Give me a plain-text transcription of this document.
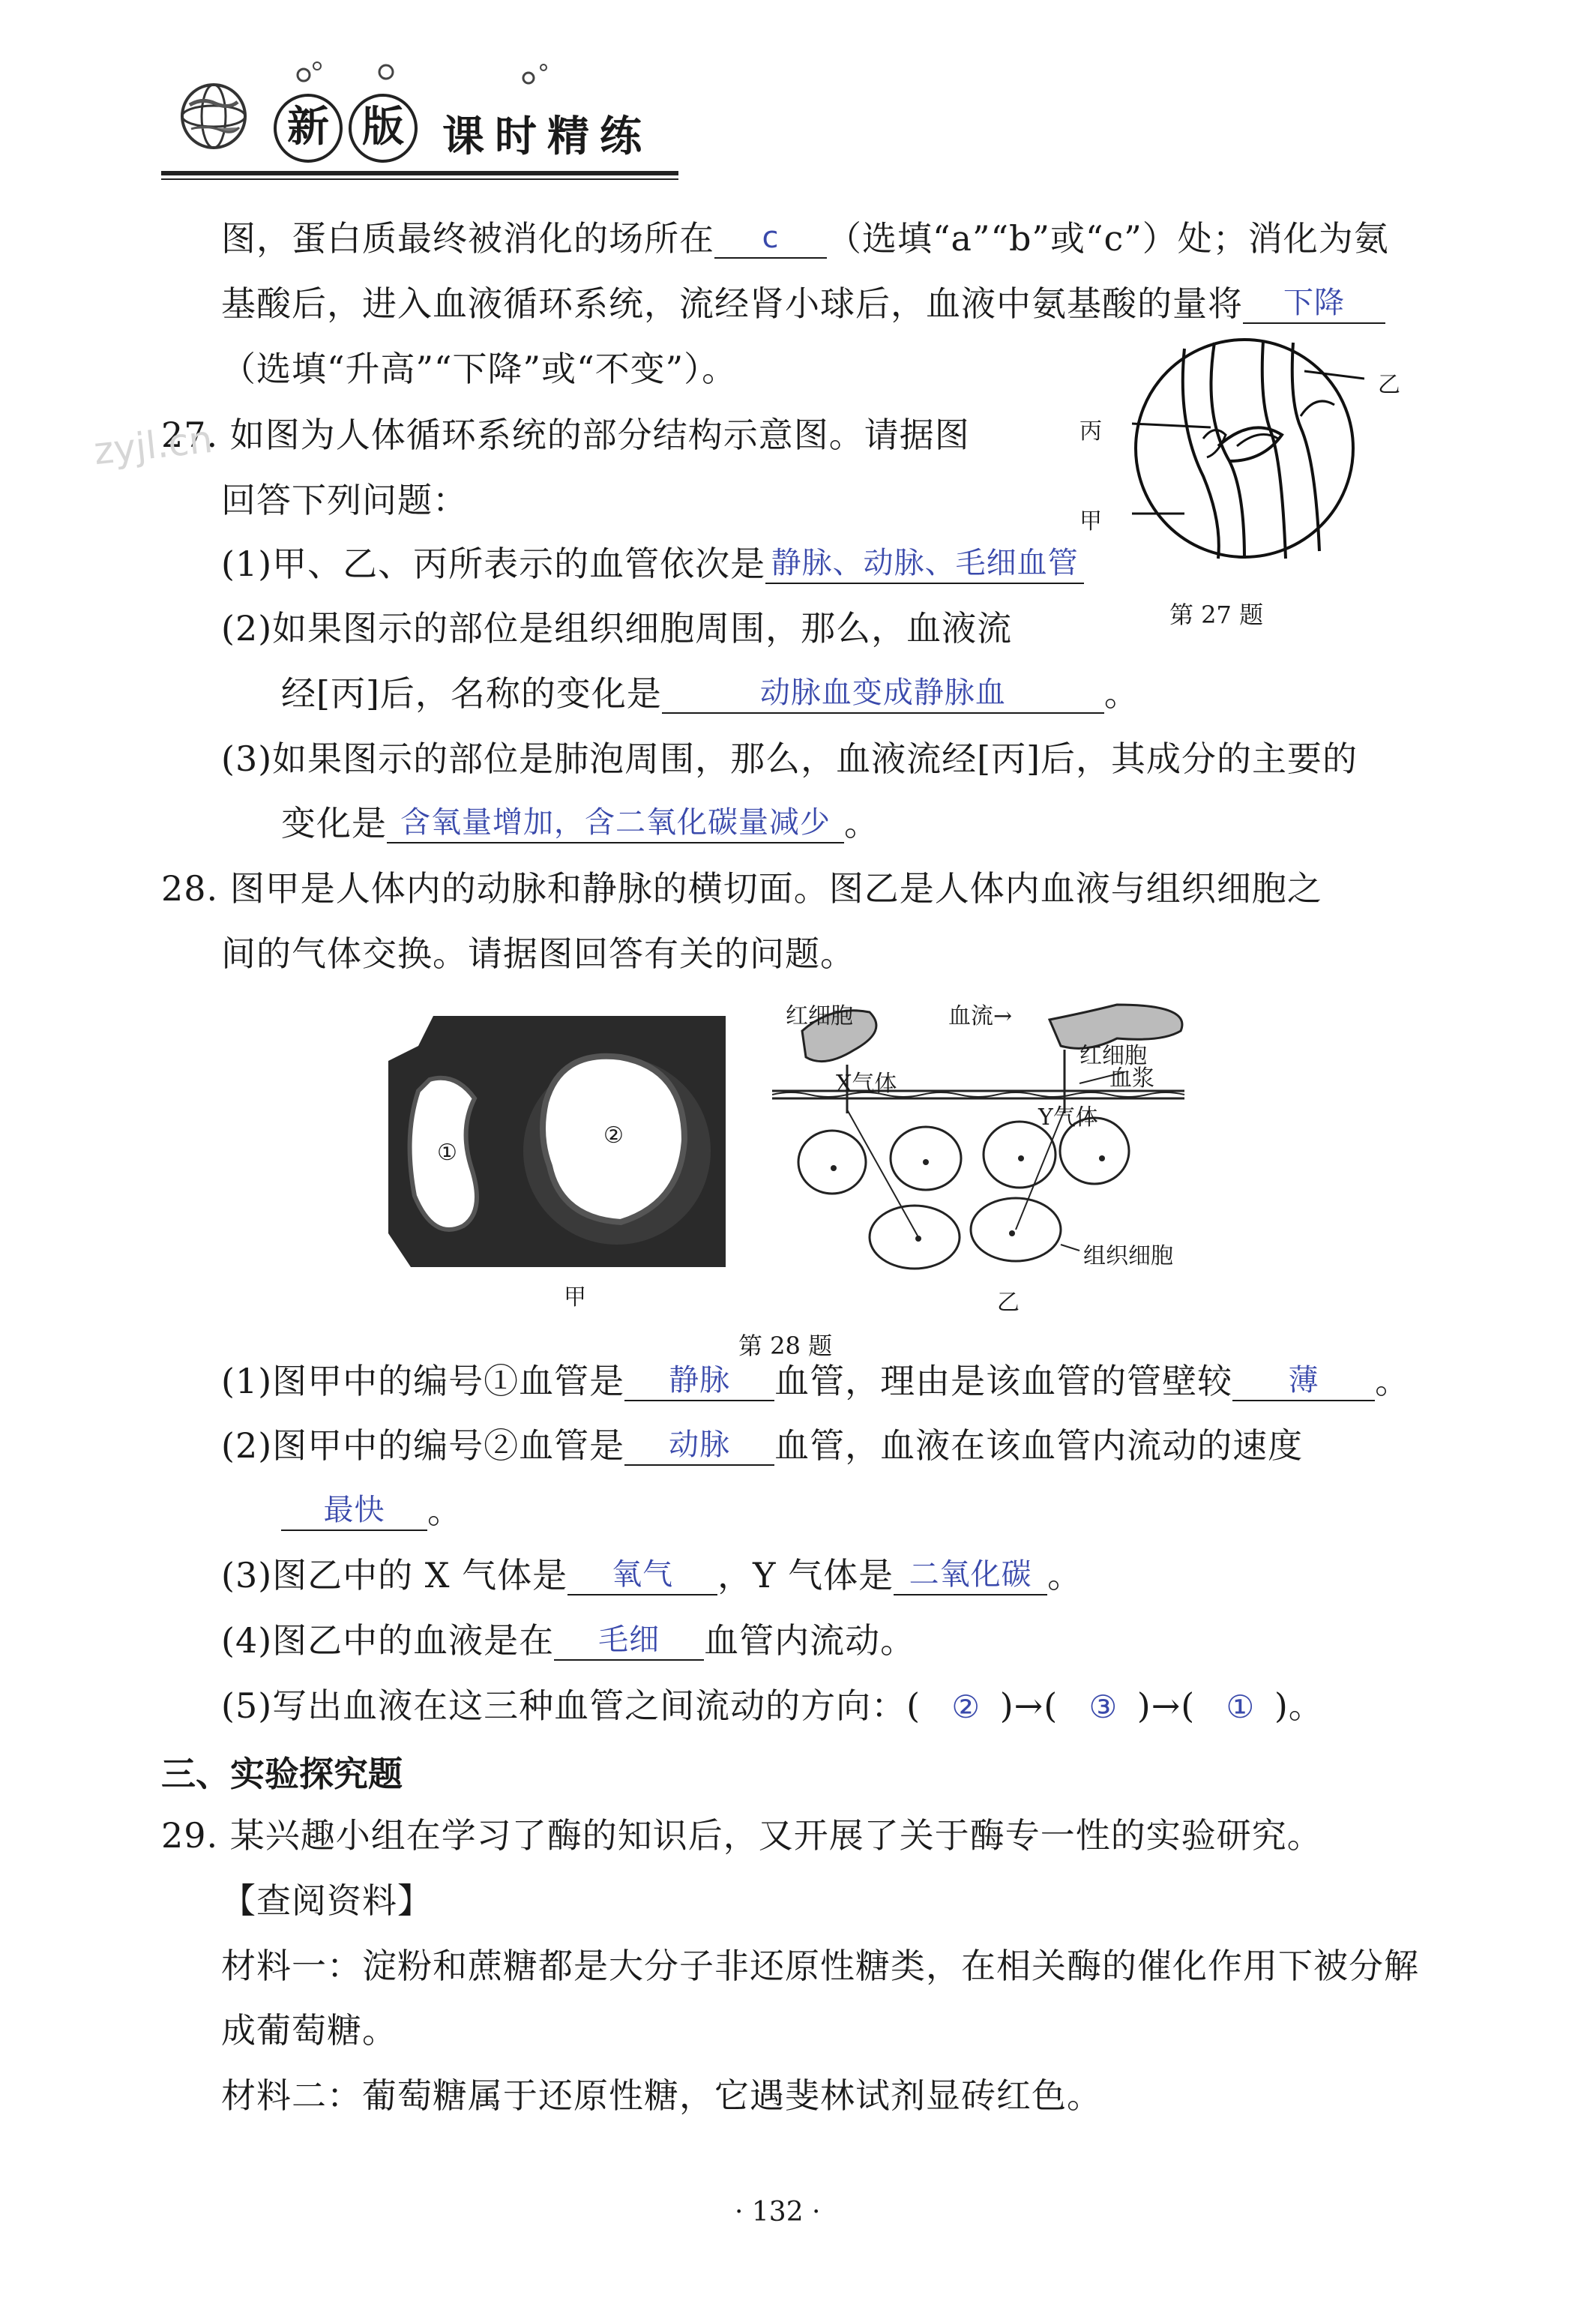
新 版 课时精练
图，蛋白质最终被消化的场所在 c （选填“a”“b”或“c”）处；消化为氨
基酸后，进入血液循环系统，流经肾小球后，血液中氨基酸的量将 下降
（选填“升高”“下降”或“不变”）。
27. 如图为人体循环系统的部分结构示意图。请据图
回答下列问题：
(1)甲、乙、丙所表示的血管依次是 静脉、动脉、毛细血管
(2)如果图示的部位是组织细胞周围，那么，血液流
经[丙]后，名称的变化是	动脉血变成静脉血	。
(3)如果图示的部位是肺泡周围，那么，血液流经[丙]后，其成分的主要的
变化是 含氧量增加，含二氧化碳量减少 。
乙
丙
甲
第 27 题
28. 图甲是人体内的动脉和静脉的横切面。图乙是人体内血液与组织细胞之
间的气体交换。请据图回答有关的问题。
①
②
甲
红细胞	血流→
红细胞
血浆
X气体
Y气体
组织细胞
乙
第 28 题
(1)图甲中的编号①血管是 静脉 血管，理由是该血管的管壁较 薄 。
(2)图甲中的编号②血管是 动脉 血管，血液在该血管内流动的速度
最快 。
(3)图乙中的 X 气体是 氧气 ，Y 气体是 二氧化碳 。
(4)图乙中的血液是在 毛细 血管内流动。
(5)写出血液在这三种血管之间流动的方向：( ② )→( ③ )→( ① )。
三、实验探究题
29. 某兴趣小组在学习了酶的知识后，又开展了关于酶专一性的实验研究。
【查阅资料】
材料一：淀粉和蔗糖都是大分子非还原性糖类，在相关酶的催化作用下被分解
成葡萄糖。
材料二：葡萄糖属于还原性糖，它遇斐林试剂显砖红色。
· 132 ·
zyjl.cn
